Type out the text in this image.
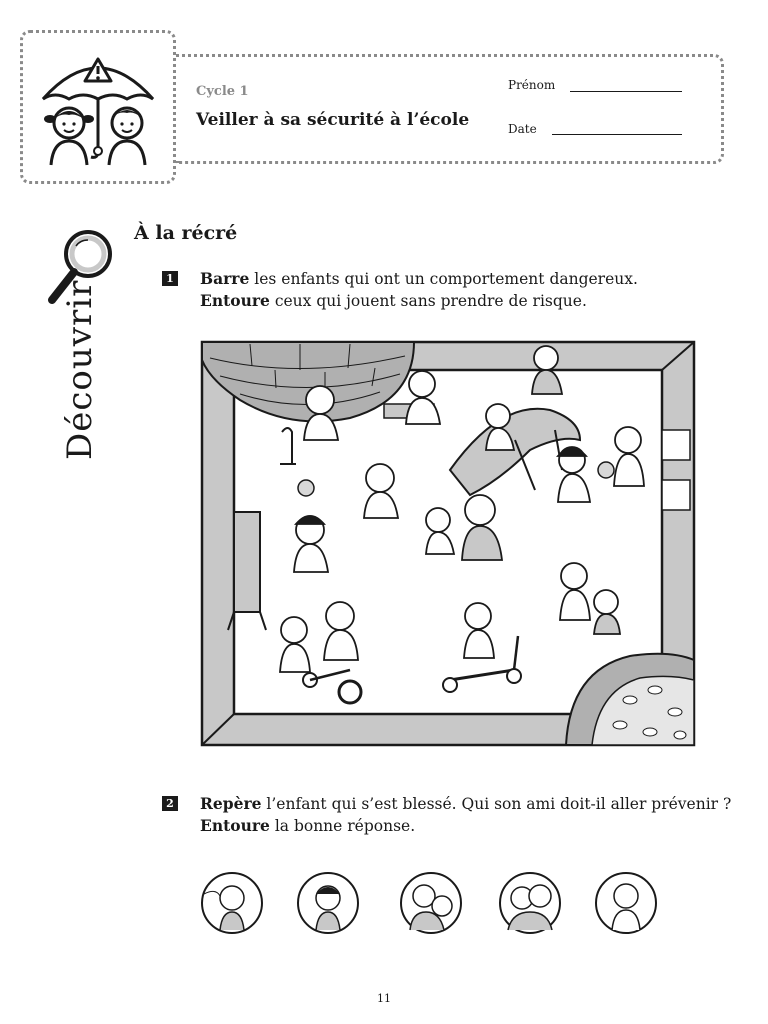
Cycle 1
Veiller à sa sécurité à l’école
Prénom
Date
Découvrir
À la récré
1 Barre les enfants qui ont un comportement dangereux.
Entoure ceux qui jouent sans prendre de risque.
2 Repère l’enfant qui s’est blessé. Qui son ami doit-il aller prévenir ?
Entoure la bonne réponse.
11
